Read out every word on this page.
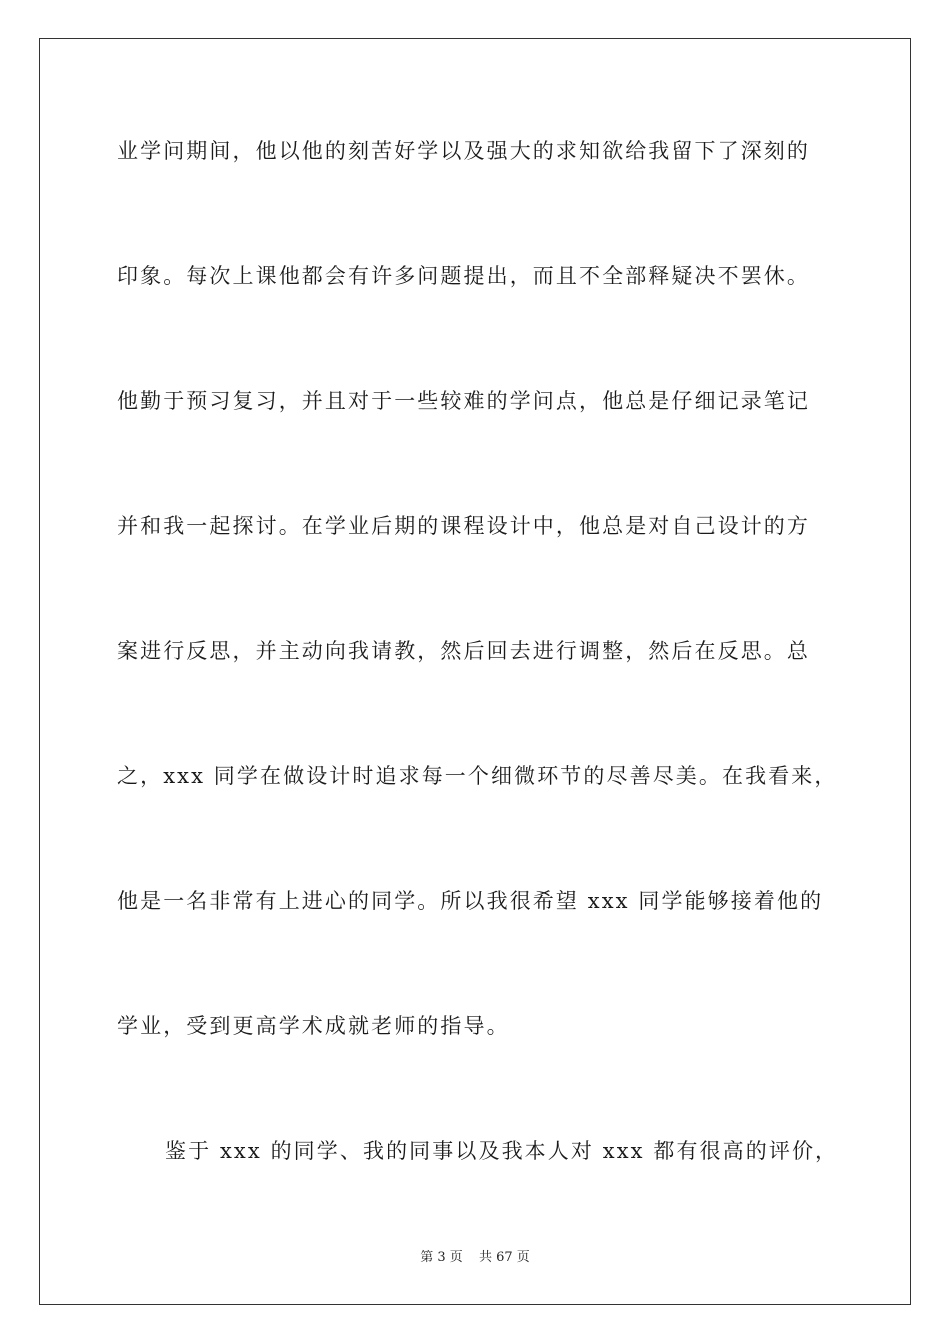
业学问期间，他以他的刻苦好学以及强大的求知欲给我留下了深刻的
印象。每次上课他都会有许多问题提出，而且不全部释疑决不罢休。
他勤于预习复习，并且对于一些较难的学问点，他总是仔细记录笔记
并和我一起探讨。在学业后期的课程设计中，他总是对自己设计的方
案进行反思，并主动向我请教，然后回去进行调整，然后在反思。总
之，xxx 同学在做设计时追求每一个细微环节的尽善尽美。在我看来，
他是一名非常有上进心的同学。所以我很希望 xxx 同学能够接着他的
学业，受到更高学术成就老师的指导。
鉴于 xxx 的同学、我的同事以及我本人对 xxx 都有很高的评价，
第 3 页 共 67 页
